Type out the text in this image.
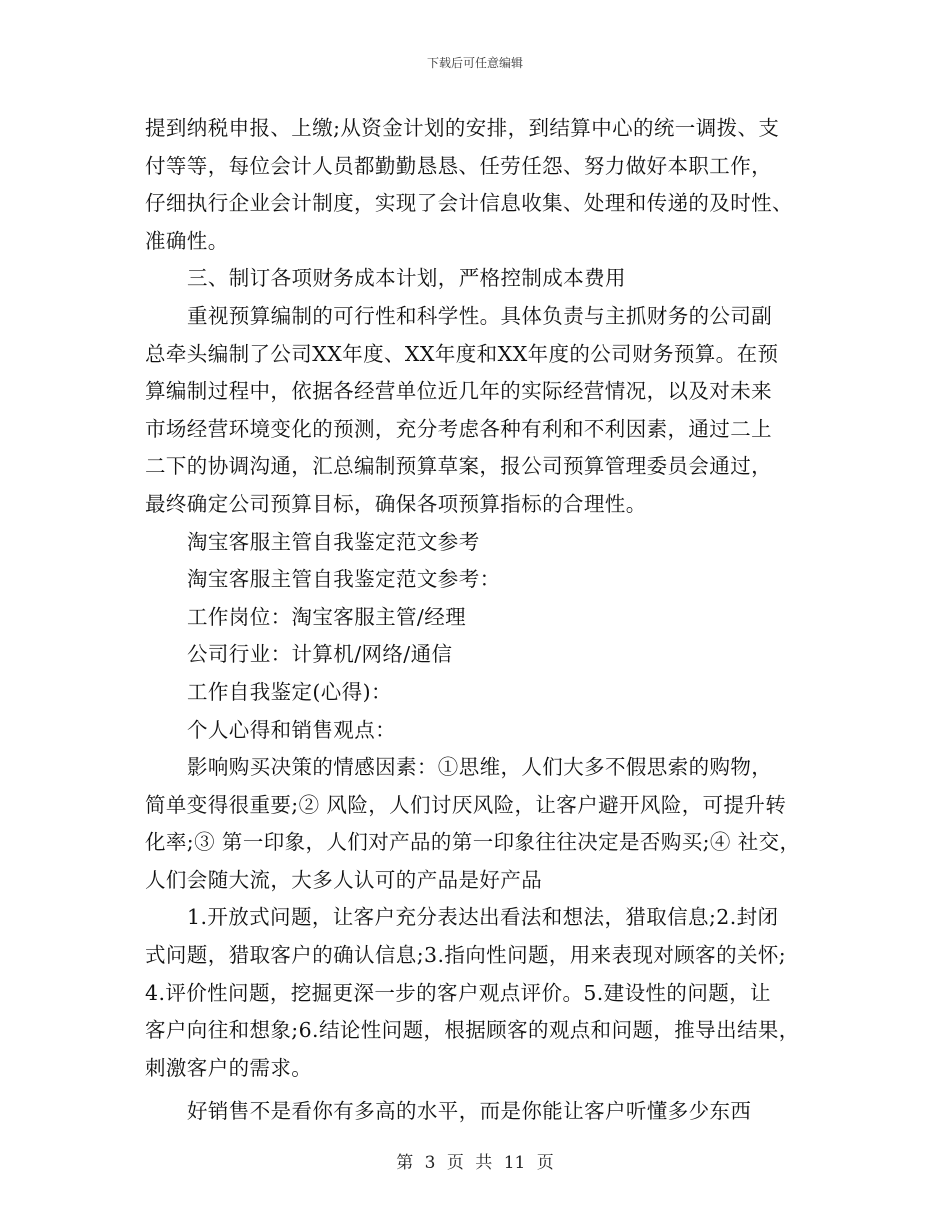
下载后可任意编辑
提到纳税申报、上缴;从资金计划的安排，到结算中心的统一调拨、支
付等等，每位会计人员都勤勤恳恳、任劳任怨、努力做好本职工作，
仔细执行企业会计制度，实现了会计信息收集、处理和传递的及时性、
准确性。
三、制订各项财务成本计划，严格控制成本费用
重视预算编制的可行性和科学性。具体负责与主抓财务的公司副
总牵头编制了公司XX年度、XX年度和XX年度的公司财务预算。在预
算编制过程中，依据各经营单位近几年的实际经营情况，以及对未来
市场经营环境变化的预测，充分考虑各种有利和不利因素，通过二上
二下的协调沟通，汇总编制预算草案，报公司预算管理委员会通过，
最终确定公司预算目标，确保各项预算指标的合理性。
淘宝客服主管自我鉴定范文参考
淘宝客服主管自我鉴定范文参考：
工作岗位：淘宝客服主管/经理
公司行业：计算机/网络/通信
工作自我鉴定(心得)：
个人心得和销售观点：
影响购买决策的情感因素：①思维，人们大多不假思索的购物，
简单变得很重要;② 风险，人们讨厌风险，让客户避开风险，可提升转
化率;③ 第一印象，人们对产品的第一印象往往决定是否购买;④ 社交，
人们会随大流，大多人认可的产品是好产品
1.开放式问题，让客户充分表达出看法和想法，猎取信息;2.封闭
式问题，猎取客户的确认信息;3.指向性问题，用来表现对顾客的关怀;
4.评价性问题，挖掘更深一步的客户观点评价。5.建设性的问题，让
客户向往和想象;6.结论性问题，根据顾客的观点和问题，推导出结果，
刺激客户的需求。
好销售不是看你有多高的水平，而是你能让客户听懂多少东西
第 3 页 共 11 页
